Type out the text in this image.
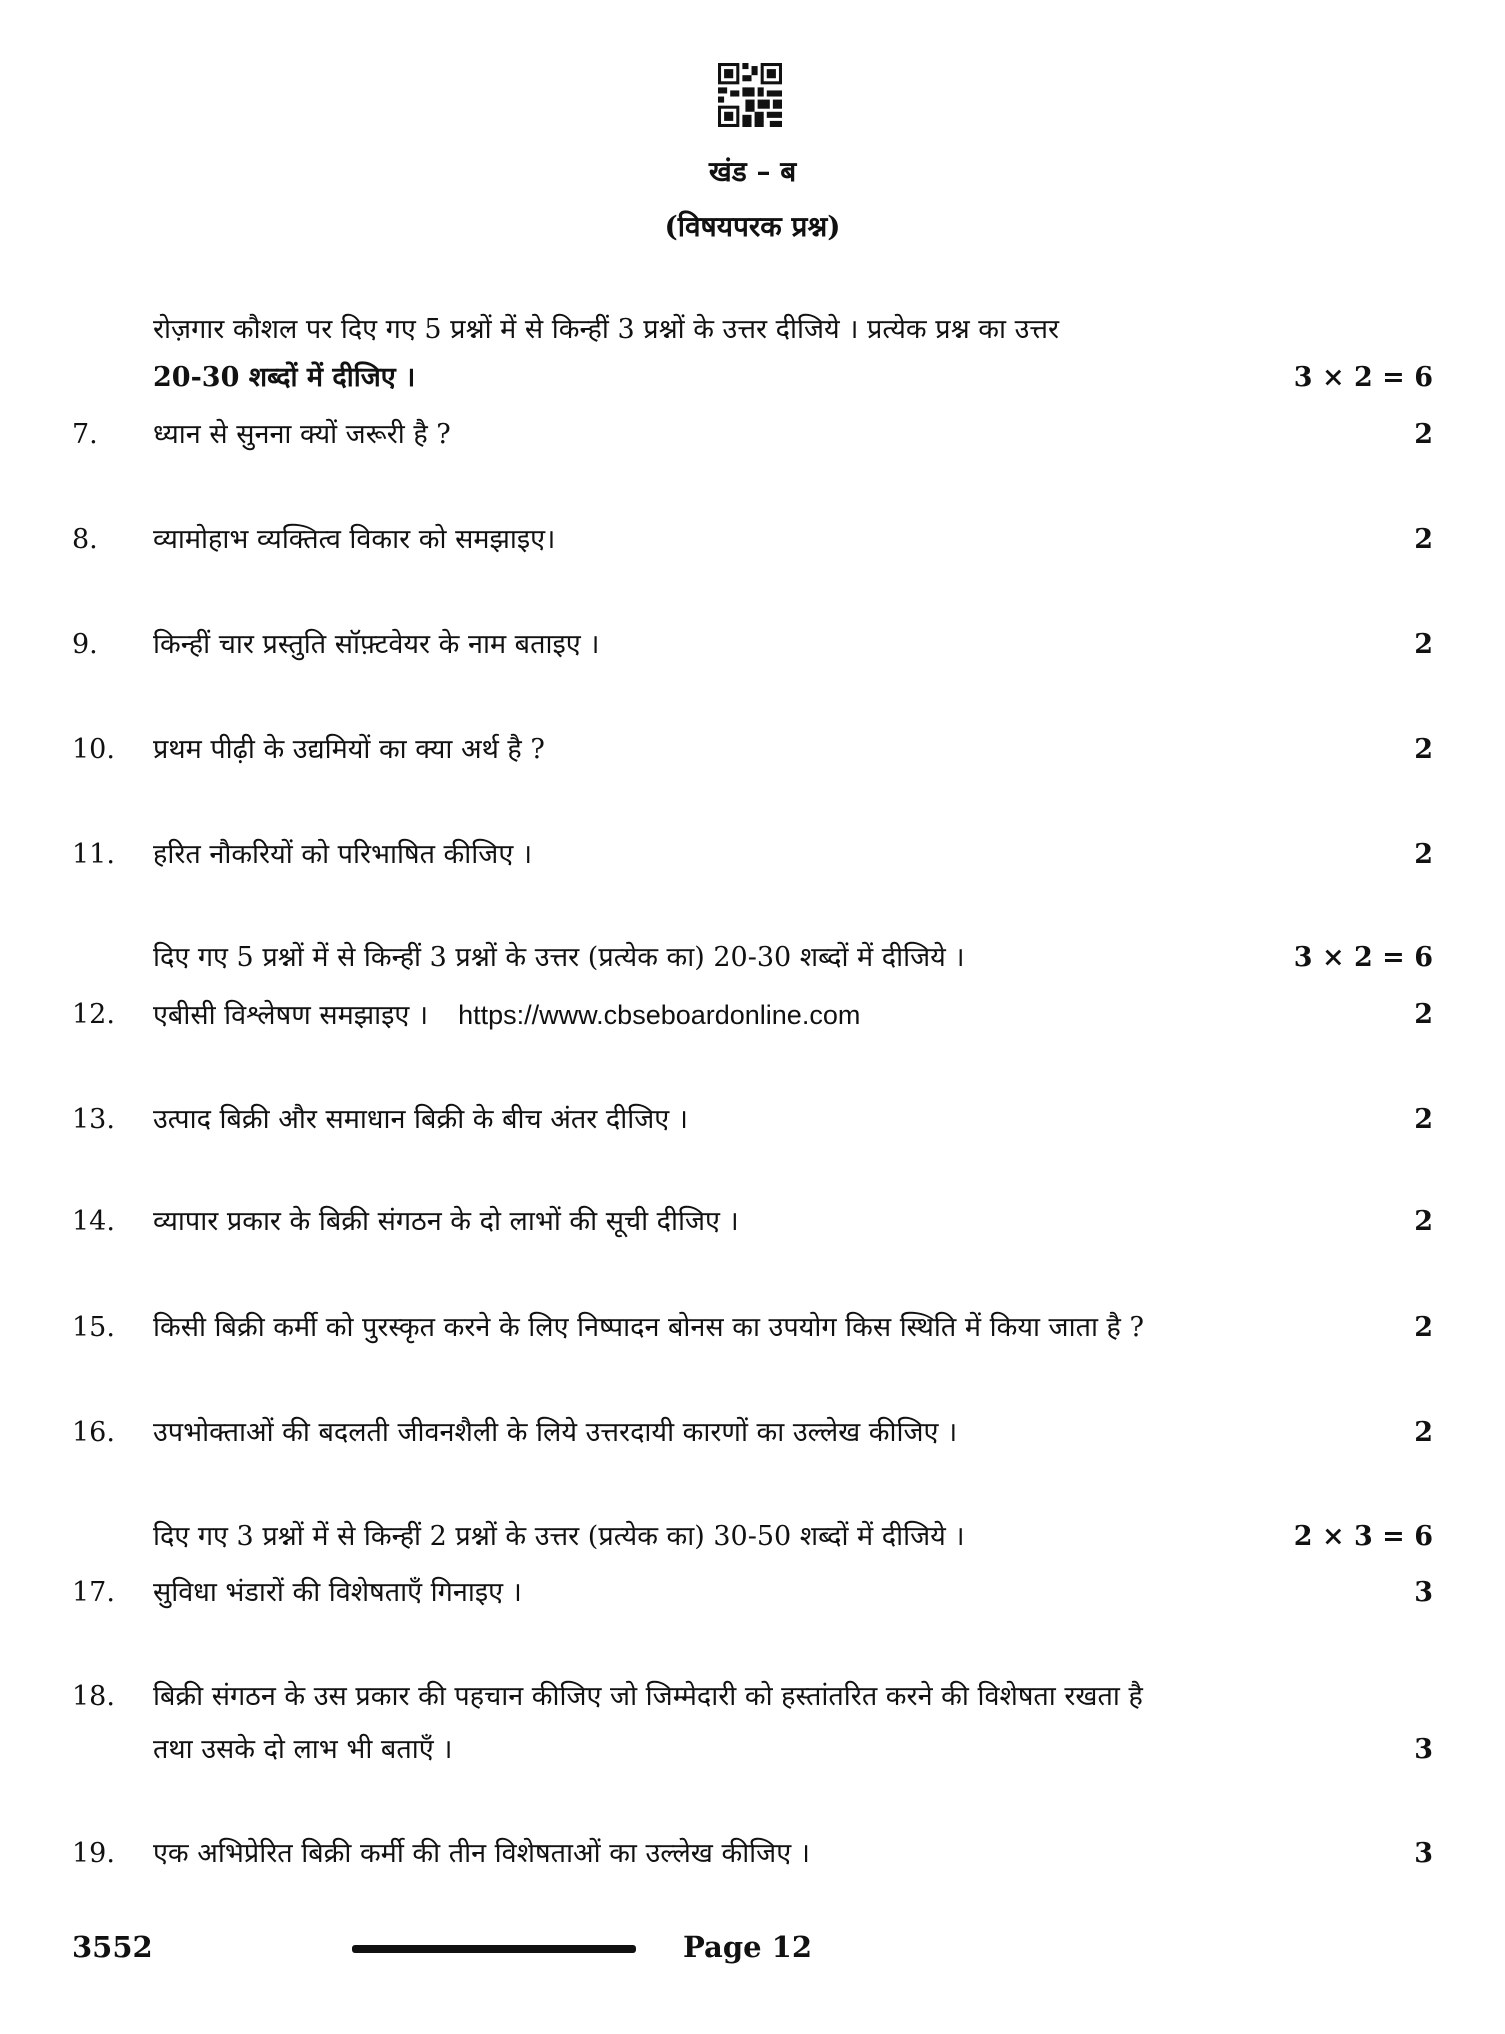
खंड – ब
(विषयपरक प्रश्न)
रोज़गार कौशल पर दिए गए 5 प्रश्नों में से किन्हीं 3 प्रश्नों के उत्तर दीजिये । प्रत्येक प्रश्न का उत्तर
20-30 शब्दों में दीजिए ।	3 × 2 = 6
7. ध्यान से सुनना क्यों जरूरी है ?	2
8. व्यामोहाभ व्यक्तित्व विकार को समझाइए।	2
9. किन्हीं चार प्रस्तुति सॉफ़्टवेयर के नाम बताइए ।	2
10. प्रथम पीढ़ी के उद्यमियों का क्या अर्थ है ?	2
11. हरित नौकरियों को परिभाषित कीजिए ।	2
दिए गए 5 प्रश्नों में से किन्हीं 3 प्रश्नों के उत्तर (प्रत्येक का) 20-30 शब्दों में दीजिये ।	3 × 2 = 6
12. एबीसी विश्लेषण समझाइए । https://www.cbseboardonline.com	2
13. उत्पाद बिक्री और समाधान बिक्री के बीच अंतर दीजिए ।	2
14. व्यापार प्रकार के बिक्री संगठन के दो लाभों की सूची दीजिए ।	2
15. किसी बिक्री कर्मी को पुरस्कृत करने के लिए निष्पादन बोनस का उपयोग किस स्थिति में किया जाता है ?	2
16. उपभोक्ताओं की बदलती जीवनशैली के लिये उत्तरदायी कारणों का उल्लेख कीजिए ।	2
दिए गए 3 प्रश्नों में से किन्हीं 2 प्रश्नों के उत्तर (प्रत्येक का) 30-50 शब्दों में दीजिये ।	2 × 3 = 6
17. सुविधा भंडारों की विशेषताएँ गिनाइए ।	3
18. बिक्री संगठन के उस प्रकार की पहचान कीजिए जो जिम्मेदारी को हस्तांतरित करने की विशेषता रखता है
तथा उसके दो लाभ भी बताएँ ।	3
19. एक अभिप्रेरित बिक्री कर्मी की तीन विशेषताओं का उल्लेख कीजिए ।	3
3552	Page 12
